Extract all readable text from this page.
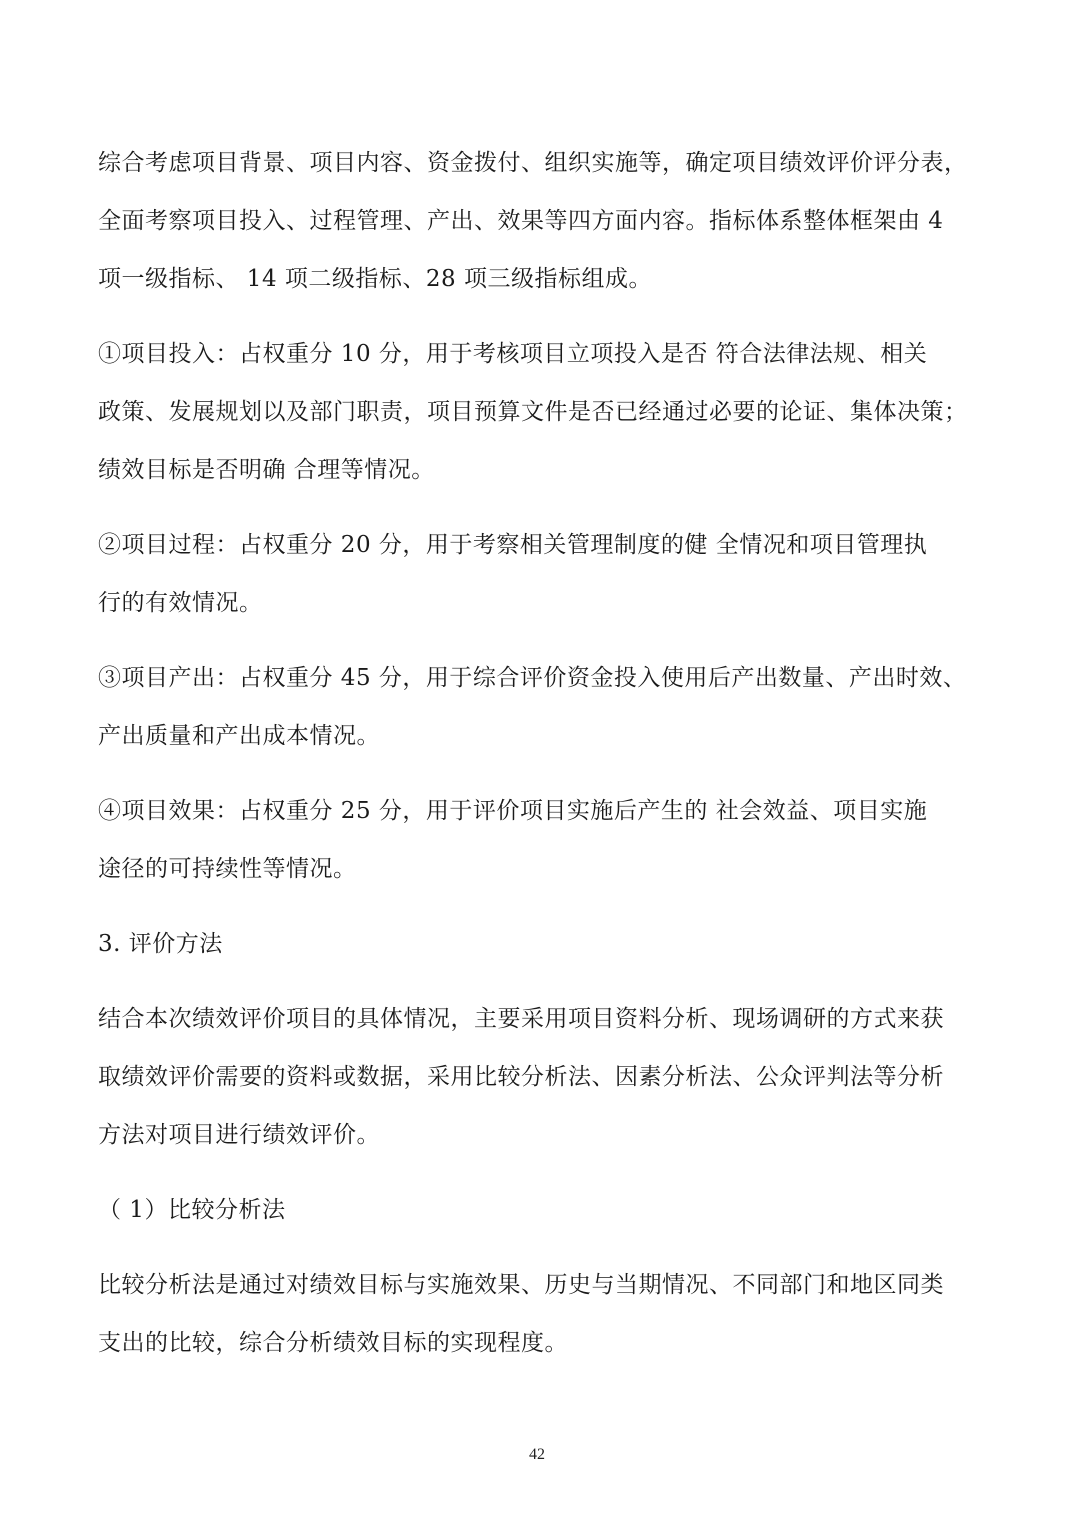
综合考虑项目背景、项目内容、资金拨付、组织实施等，确定项目绩效评价评分表，
全面考察项目投入、过程管理、产出、效果等四方面内容。指标体系整体框架由 4
项一级指标、 14 项二级指标、28 项三级指标组成。

①项目投入：占权重分 10 分，用于考核项目立项投入是否 符合法律法规、相关
政策、发展规划以及部门职责，项目预算文件是否已经通过必要的论证、集体决策；
绩效目标是否明确 合理等情况。

②项目过程：占权重分 20 分，用于考察相关管理制度的健 全情况和项目管理执
行的有效情况。

③项目产出：占权重分 45 分，用于综合评价资金投入使用后产出数量、产出时效、
产出质量和产出成本情况。

④项目效果：占权重分 25 分，用于评价项目实施后产生的 社会效益、项目实施
途径的可持续性等情况。

3. 评价方法

结合本次绩效评价项目的具体情况，主要采用项目资料分析、现场调研的方式来获
取绩效评价需要的资料或数据，采用比较分析法、因素分析法、公众评判法等分析
方法对项目进行绩效评价。

（ 1）比较分析法

比较分析法是通过对绩效目标与实施效果、历史与当期情况、不同部门和地区同类
支出的比较，综合分析绩效目标的实现程度。

42
